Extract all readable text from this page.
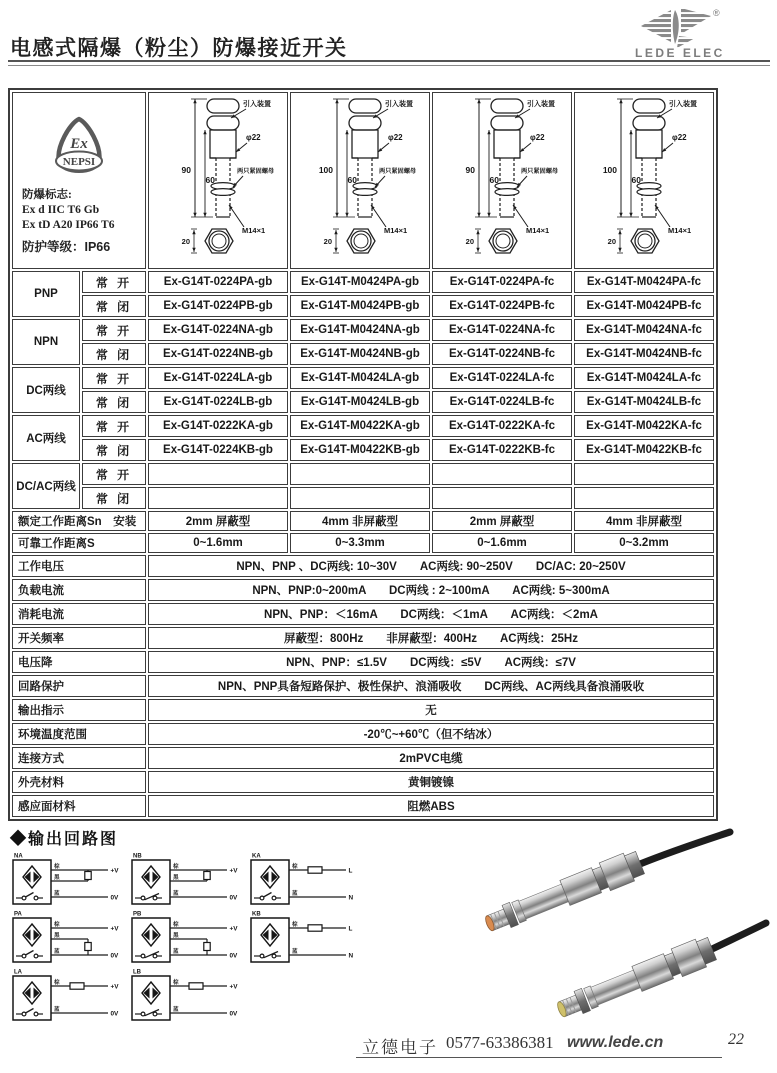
电感式隔爆（粉尘）防爆接近开关
®
LEDE ELEC
Ex
NEPSI
防爆标志:
Ex d IIC T6 Gb
Ex tD A20 IP66 T6
防护等级：IP66

90
60
引入装置
φ22
两只紧固螺母
M14×1
20

100
60
引入装置
φ22
两只紧固螺母
M14×1
20

90
60
引入装置
φ22
两只紧固螺母
M14×1
20

100
60
引入装置
φ22
M14×1
20

PNP	常 开	Ex-G14T-0224PA-gb	Ex-G14T-M0424PA-gb	Ex-G14T-0224PA-fc	Ex-G14T-M0424PA-fc
	常 闭	Ex-G14T-0224PB-gb	Ex-G14T-M0424PB-gb	Ex-G14T-0224PB-fc	Ex-G14T-M0424PB-fc
NPN	常 开	Ex-G14T-0224NA-gb	Ex-G14T-M0424NA-gb	Ex-G14T-0224NA-fc	Ex-G14T-M0424NA-fc
	常 闭	Ex-G14T-0224NB-gb	Ex-G14T-M0424NB-gb	Ex-G14T-0224NB-fc	Ex-G14T-M0424NB-fc
DC两线	常 开	Ex-G14T-0224LA-gb	Ex-G14T-M0424LA-gb	Ex-G14T-0224LA-fc	Ex-G14T-M0424LA-fc
	常 闭	Ex-G14T-0224LB-gb	Ex-G14T-M0424LB-gb	Ex-G14T-0224LB-fc	Ex-G14T-M0424LB-fc
AC两线	常 开	Ex-G14T-0222KA-gb	Ex-G14T-M0422KA-gb	Ex-G14T-0222KA-fc	Ex-G14T-M0422KA-fc
	常 闭	Ex-G14T-0224KB-gb	Ex-G14T-M0422KB-gb	Ex-G14T-0222KB-fc	Ex-G14T-M0422KB-fc
DC/AC两线	常 开				
	常 闭				
额定工作距离Sn　安装		2mm 屏蔽型	4mm 非屏蔽型	2mm 屏蔽型	4mm 非屏蔽型
可靠工作距离S		0~1.6mm	0~3.3mm	0~1.6mm	0~3.2mm
工作电压		NPN、PNP 、DC两线: 10~30V　　AC两线: 90~250V　　DC/AC: 20~250V			
负载电流		NPN、PNP:0~200mA　　DC两线 : 2~100mA　　AC两线: 5~300mA			
消耗电流		NPN、PNP：＜16mA　　DC两线：＜1mA　　AC两线：＜2mA			
开关频率		屏蔽型：800Hz　　非屏蔽型：400Hz　　AC两线：25Hz			
电压降		NPN、PNP：≤1.5V　　DC两线：≤5V　　AC两线：≤7V			
回路保护		NPN、PNP具备短路保护、极性保护、浪涌吸收　　DC两线、AC两线具备浪涌吸收			
输出指示		无			
环境温度范围		-20℃~+60℃（但不结冰）			
连接方式		2mPVC电缆			
外壳材料		黄铜镀镍			
感应面材料		阻燃ABS			
◆输出回路图
NA
棕
+V
黑
蓝
0V
NB
棕
+V
黑
蓝
0V
KA
棕
L
蓝
N
PA
棕
+V
黑
蓝
0V
PB
棕
+V
黑
蓝
0V
KB
棕
L
蓝
N
LA
棕
+V
蓝
0V
LB
棕
+V
蓝
0V
立德电子 0577-63386381 www.lede.cn	22
